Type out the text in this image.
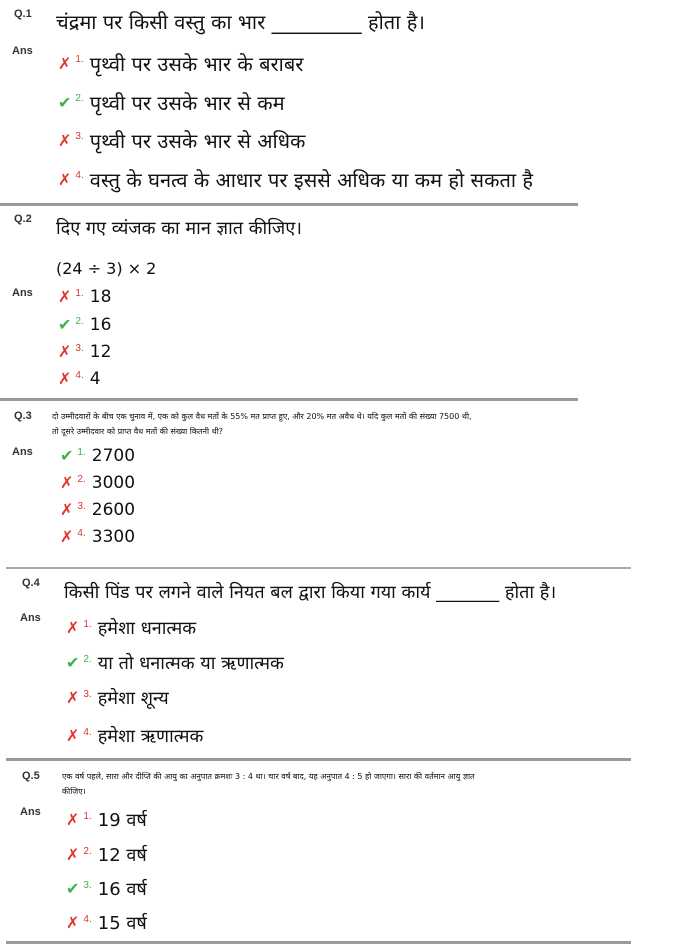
Q.1 चंद्रमा पर किसी वस्तु का भार _________ होता है।
Ans
✗ 1. पृथ्वी पर उसके भार के बराबर
✔ 2. पृथ्वी पर उसके भार से कम
✗ 3. पृथ्वी पर उसके भार से अधिक
✗ 4. वस्तु के घनत्व के आधार पर इससे अधिक या कम हो सकता है
Q.2 दिए गए व्यंजक का मान ज्ञात कीजिए।
(24 ÷ 3) × 2
Ans ✗ 1. 18
✔ 2. 16
✗ 3. 12
✗ 4. 4
Q.3	दो उम्मीदवारों के बीच एक चुनाव में, एक को कुल वैध मतों के 55% मत प्राप्त हुए, और 20% मत अवैध थे। यदि कुल मतों की संख्या 7500 थी,
तो दूसरे उम्मीदवार को प्राप्त वैध मतों की संख्या कितनी थी?
Ans ✔ 1. 2700
✗ 2. 3000
✗ 3. 2600
✗ 4. 3300
Q.4 किसी पिंड पर लगने वाले नियत बल द्वारा किया गया कार्य _______ होता है।
Ans ✗ 1. हमेशा धनात्मक
✔ 2. या तो धनात्मक या ऋणात्मक
✗ 3. हमेशा शून्य
✗ 4. हमेशा ऋणात्मक
Q.5	एक वर्ष पहले, सारा और दीप्ति की आयु का अनुपात क्रमशः 3 : 4 था। चार वर्ष बाद, यह अनुपात 4 : 5 हो जाएगा। सारा की वर्तमान आयु ज्ञात
कीजिए।
Ans ✗ 1. 19 वर्ष
✗ 2. 12 वर्ष
✔ 3. 16 वर्ष
✗ 4. 15 वर्ष
